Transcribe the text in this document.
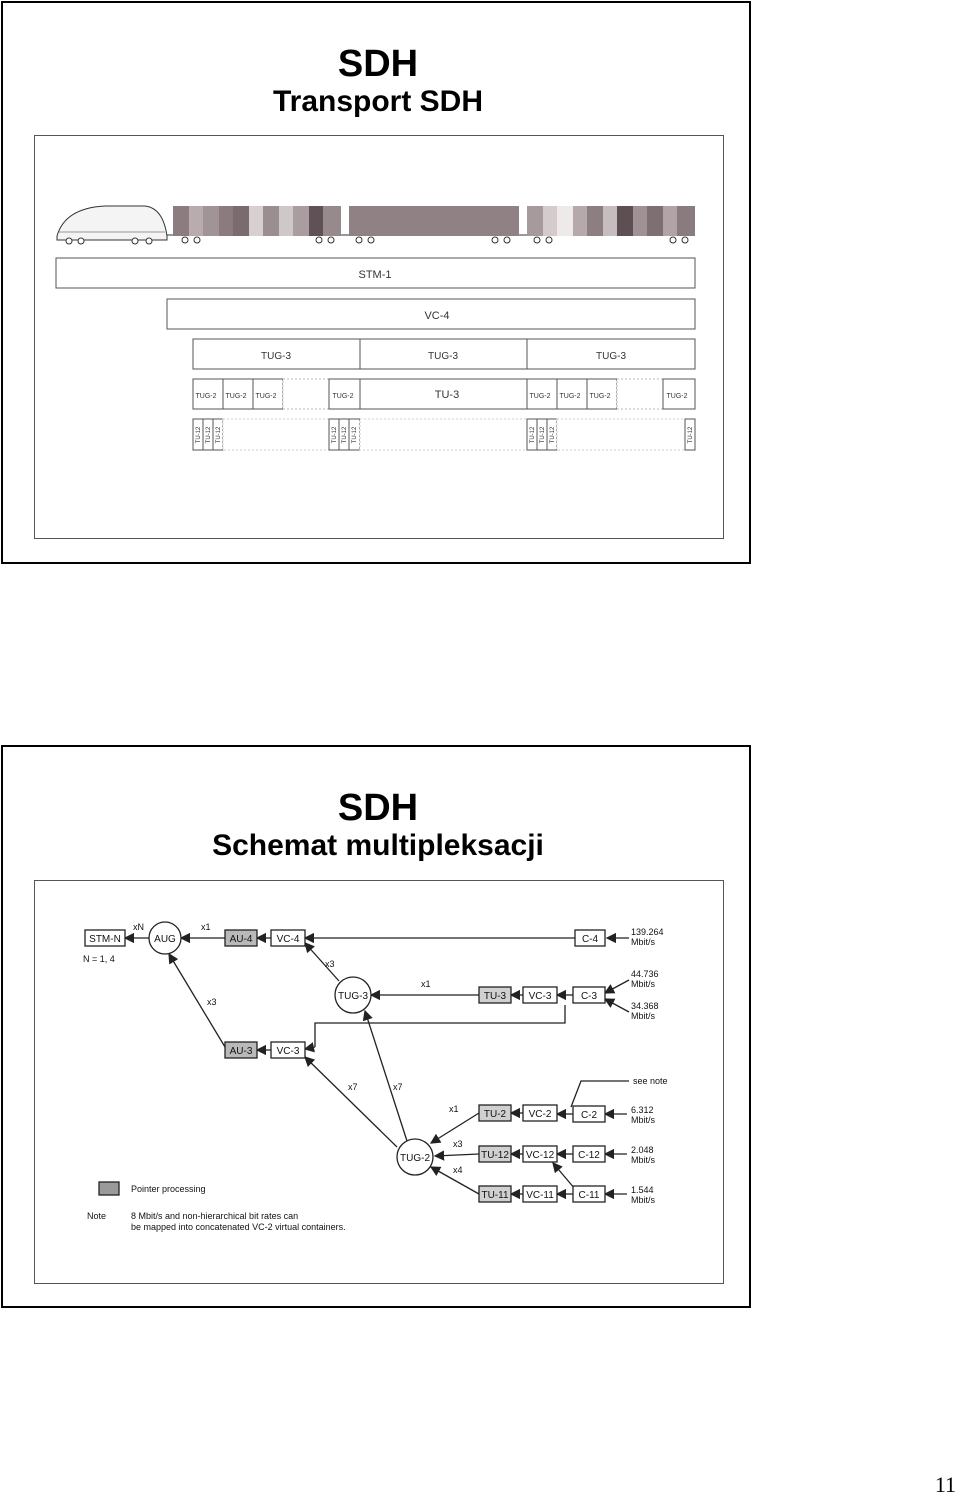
SDH
Transport SDH
STM-1
VC-4
TUG-3	TUG-3	TUG-3
TUG-2 TUG-2 TUG-2	TUG-2	TU-3	TUG-2 TUG-2 TUG-2	TUG-2
TU-12 TU-12 TU-12	TU-12 TU-12 TU-12	TU-12 TU-12 TU-12	TU-12
SDH
Schemat multipleksacji
STM-N	AUG	AU-4 VC-4	C-4
TUG-3	TU-3 VC-3	C-3
AU-3 VC-3
TU-2 VC-2	C-2
TUG-2	TU-12 VC-12 C-12
TU-11 VC-11 C-11
N = 1, 4
xN	x1
x3
x3
x1
x7	x7
x1
x3
x4
139.264
Mbit/s
44.736
Mbit/s
34.368
Mbit/s
6.312
Mbit/s
2.048
Mbit/s
1.544
Mbit/s
see note
Pointer processing
Note	8 Mbit/s and non-hierarchical bit rates can
be mapped into concatenated VC-2 virtual containers.
11
